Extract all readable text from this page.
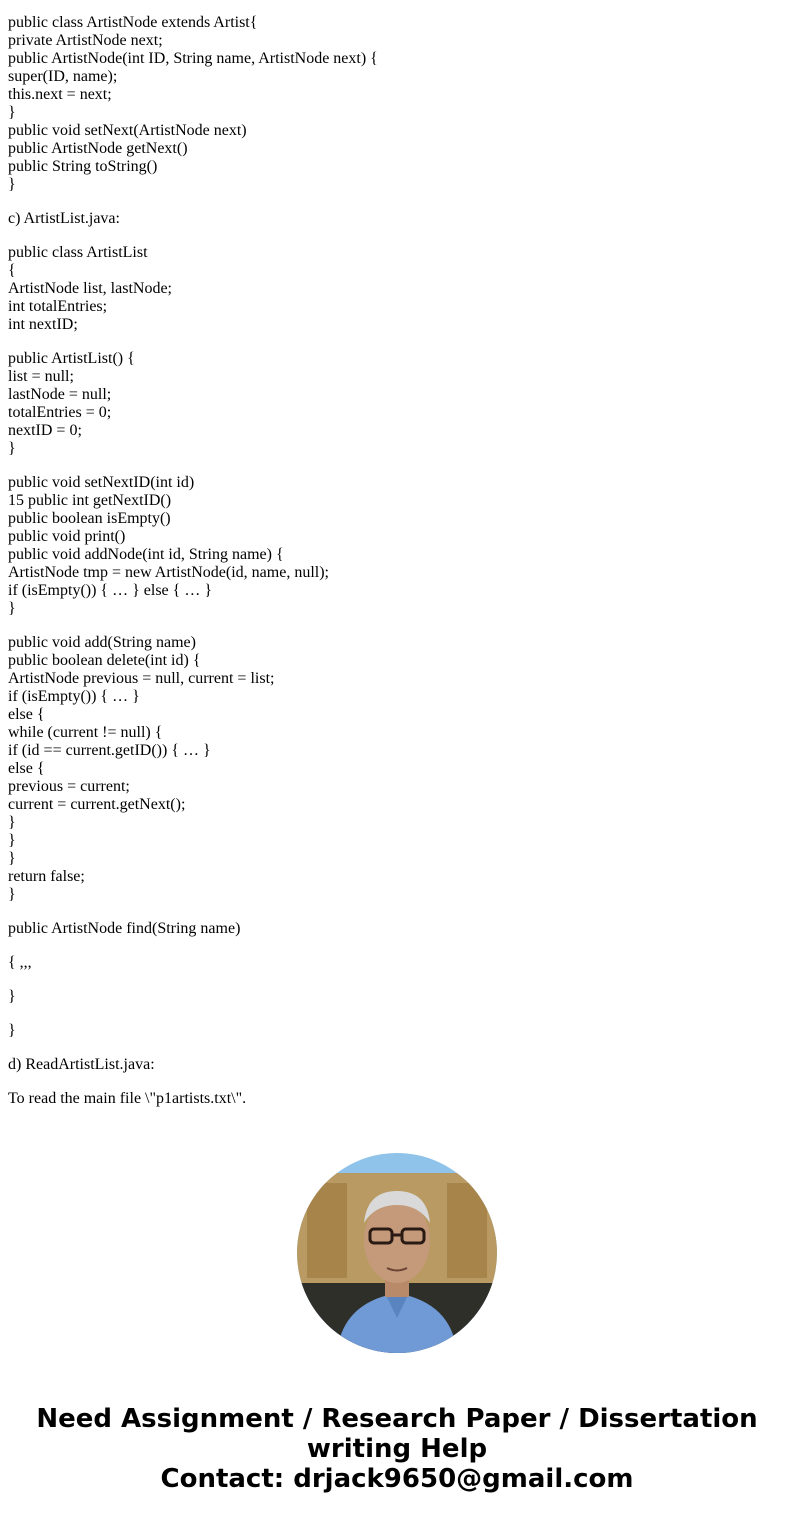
public class ArtistNode extends Artist{
private ArtistNode next;
public ArtistNode(int ID, String name, ArtistNode next) {
super(ID, name);
this.next = next;
}
public void setNext(ArtistNode next)
public ArtistNode getNext()
public String toString()
}
c) ArtistList.java:
public class ArtistList
{
ArtistNode list, lastNode;
int totalEntries;
int nextID;
public ArtistList() {
list = null;
lastNode = null;
totalEntries = 0;
nextID = 0;
}
public void setNextID(int id)
15 public int getNextID()
public boolean isEmpty()
public void print()
public void addNode(int id, String name) {
ArtistNode tmp = new ArtistNode(id, name, null);
if (isEmpty()) { … } else { … }
}
public void add(String name)
public boolean delete(int id) {
ArtistNode previous = null, current = list;
if (isEmpty()) { … }
else {
while (current != null) {
if (id == current.getID()) { … }
else {
previous = current;
current = current.getNext();
}
}
}
return false;
}
public ArtistNode find(String name)
{ ,,,
}
}
d) ReadArtistList.java:
To read the main file \"p1artists.txt\".
Need Assignment / Research Paper / Dissertation
writing Help
Contact: drjack9650@gmail.com
